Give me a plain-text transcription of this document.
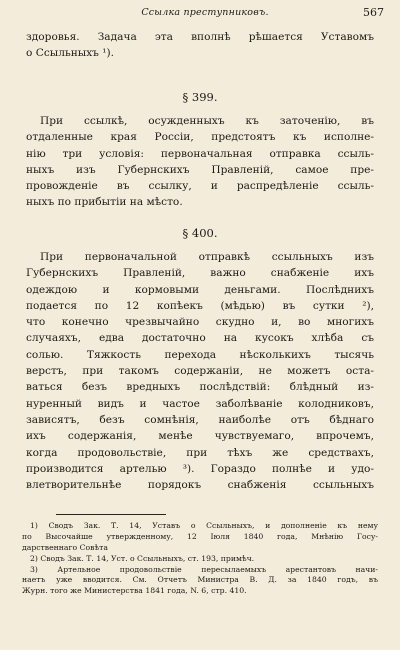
Ссылка преступниковъ.	567
здоровья. Задача эта вполнѣ рѣшается Уставомъ
о Ссыльныхъ ¹).
§ 399.
При ссылкѣ, осужденныхъ къ заточенію, въ
отдаленные края Россіи, предстоятъ къ исполне-
нію три условія: первоначальная отправка ссыль-
ныхъ изъ Губернскихъ Правленій, самое пре-
провожденіе въ ссылку, и распредѣленіе ссыль-
ныхъ по прибытіи на мѣсто.
§ 400.
При первоначальной отправкѣ ссыльныхъ изъ
Губернскихъ Правленій, важно снабженіе ихъ
одеждою и кормовыми деньгами. Послѣднихъ
подается по 12 копѣекъ (мѣдью) въ сутки ²),
что конечно чрезвычайно скудно и, во многихъ
случаяхъ, едва достаточно на кусокъ хлѣба съ
солью. Тяжкость перехода нѣсколькихъ тысячь
верстъ, при такомъ содержаніи, не можетъ оста-
ваться безъ вредныхъ послѣдствій: блѣдный из-
нуренный видъ и частое заболѣваніе колодниковъ,
зависятъ, безъ сомнѣнія, наиболѣе отъ бѣднаго
ихъ содержанія, менѣе чувствуемаго, впрочемъ,
когда продовольствіе, при тѣхъ же средствахъ,
производится артелью ³). Гораздо полнѣе и удо-
влетворительнѣе порядокъ снабженія ссыльныхъ
1) Сводъ Зак. Т. 14, Уставъ о Ссыльныхъ, и дополненіе къ нему
по Высочайше утвержденному, 12 Іюля 1840 года, Мнѣнію Госу-
дарственнаго Совѣта
2) Сводъ Зак. Т. 14, Уст. о Ссыльныхъ, ст. 193, примѣч.
3) Артельное продовольствіе пересылаемыхъ арестантовъ начи-
наетъ уже вводится. См. Отчетъ Министра В. Д. за 1840 годъ, въ
Журн. того же Министерства 1841 года, N. 6, стр. 410.
